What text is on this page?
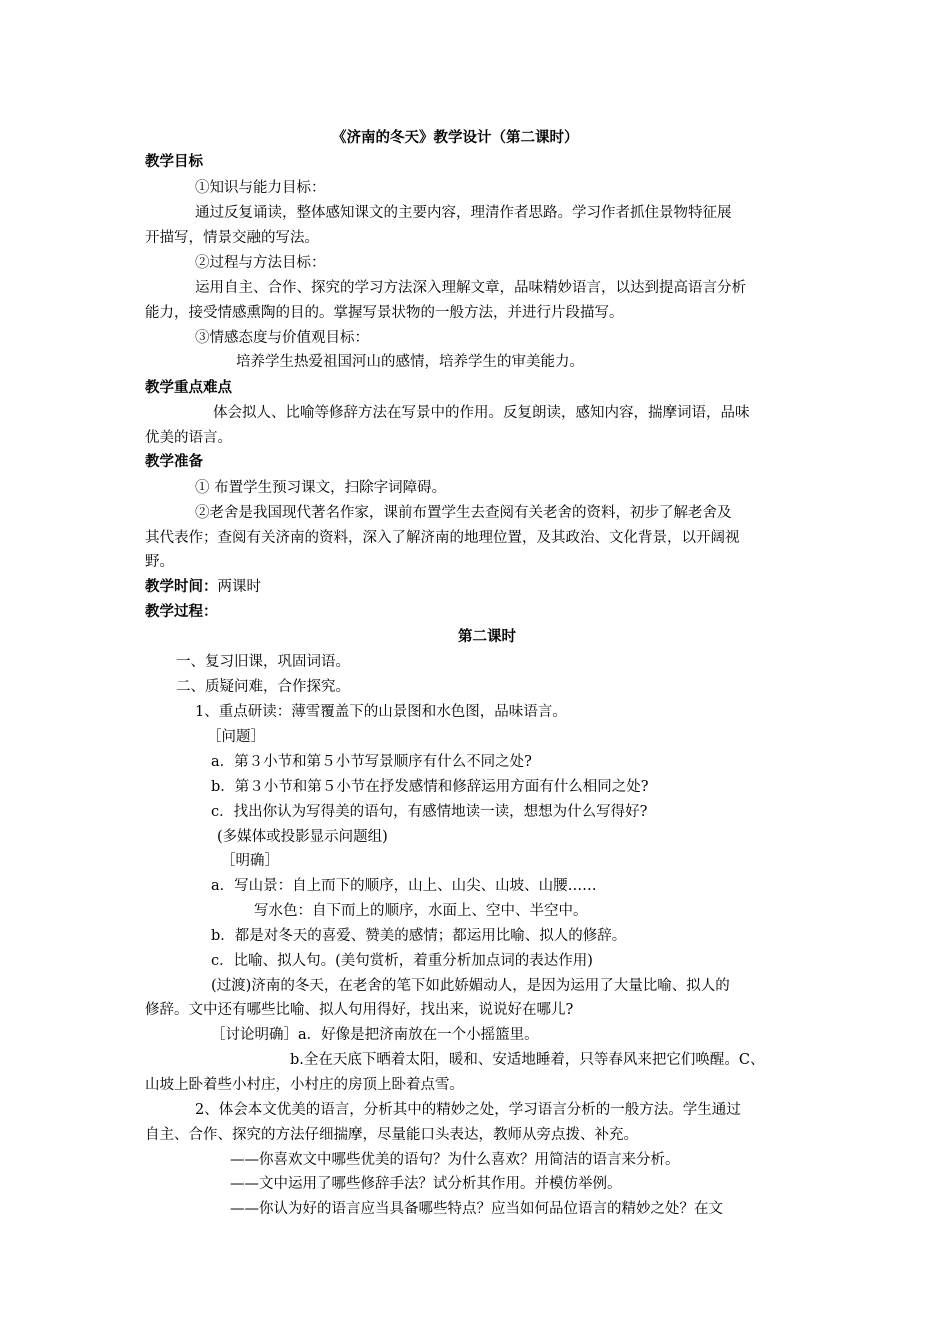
《济南的冬天》教学设计（第二课时）
教学目标
①知识与能力目标：
通过反复诵读，整体感知课文的主要内容，理清作者思路。学习作者抓住景物特征展
开描写，情景交融的写法。
②过程与方法目标：
运用自主、合作、探究的学习方法深入理解文章，品味精妙语言，以达到提高语言分析
能力，接受情感熏陶的目的。掌握写景状物的一般方法，并进行片段描写。
③情感态度与价值观目标：
培养学生热爱祖国河山的感情，培养学生的审美能力。
教学重点难点
体会拟人、比喻等修辞方法在写景中的作用。反复朗读，感知内容，揣摩词语，品味
优美的语言。
教学准备
① 布置学生预习课文，扫除字词障碍。
②老舍是我国现代著名作家，课前布置学生去查阅有关老舍的资料，初步了解老舍及
其代表作；查阅有关济南的资料，深入了解济南的地理位置，及其政治、文化背景，以开阔视
野。
教学时间：两课时
教学过程：
第二课时
一、复习旧课，巩固词语。
二、质疑问难，合作探究。
1、重点研读：薄雪覆盖下的山景图和水色图，品味语言。
［问题］
a．第３小节和第５小节写景顺序有什么不同之处?
b．第３小节和第５小节在抒发感情和修辞运用方面有什么相同之处?
c．找出你认为写得美的语句，有感情地读一读，想想为什么写得好?
(多媒体或投影显示问题组)
［明确］
a．写山景：自上而下的顺序，山上、山尖、山坡、山腰……
写水色：自下而上的顺序，水面上、空中、半空中。
b．都是对冬天的喜爱、赞美的感情；都运用比喻、拟人的修辞。
c．比喻、拟人句。(美句赏析，着重分析加点词的表达作用)
(过渡)济南的冬天，在老舍的笔下如此娇媚动人，是因为运用了大量比喻、拟人的
修辞。文中还有哪些比喻、拟人句用得好，找出来，说说好在哪儿?
［讨论明确］a．好像是把济南放在一个小摇篮里。
b.全在天底下晒着太阳，暖和、安适地睡着，只等春风来把它们唤醒。C、
山坡上卧着些小村庄，小村庄的房顶上卧着点雪。
2、体会本文优美的语言，分析其中的精妙之处，学习语言分析的一般方法。学生通过
自主、合作、探究的方法仔细揣摩，尽量能口头表达，教师从旁点拨、补充。
——你喜欢文中哪些优美的语句？为什么喜欢？用简洁的语言来分析。
——文中运用了哪些修辞手法？试分析其作用。并模仿举例。
——你认为好的语言应当具备哪些特点？应当如何品位语言的精妙之处？在文
